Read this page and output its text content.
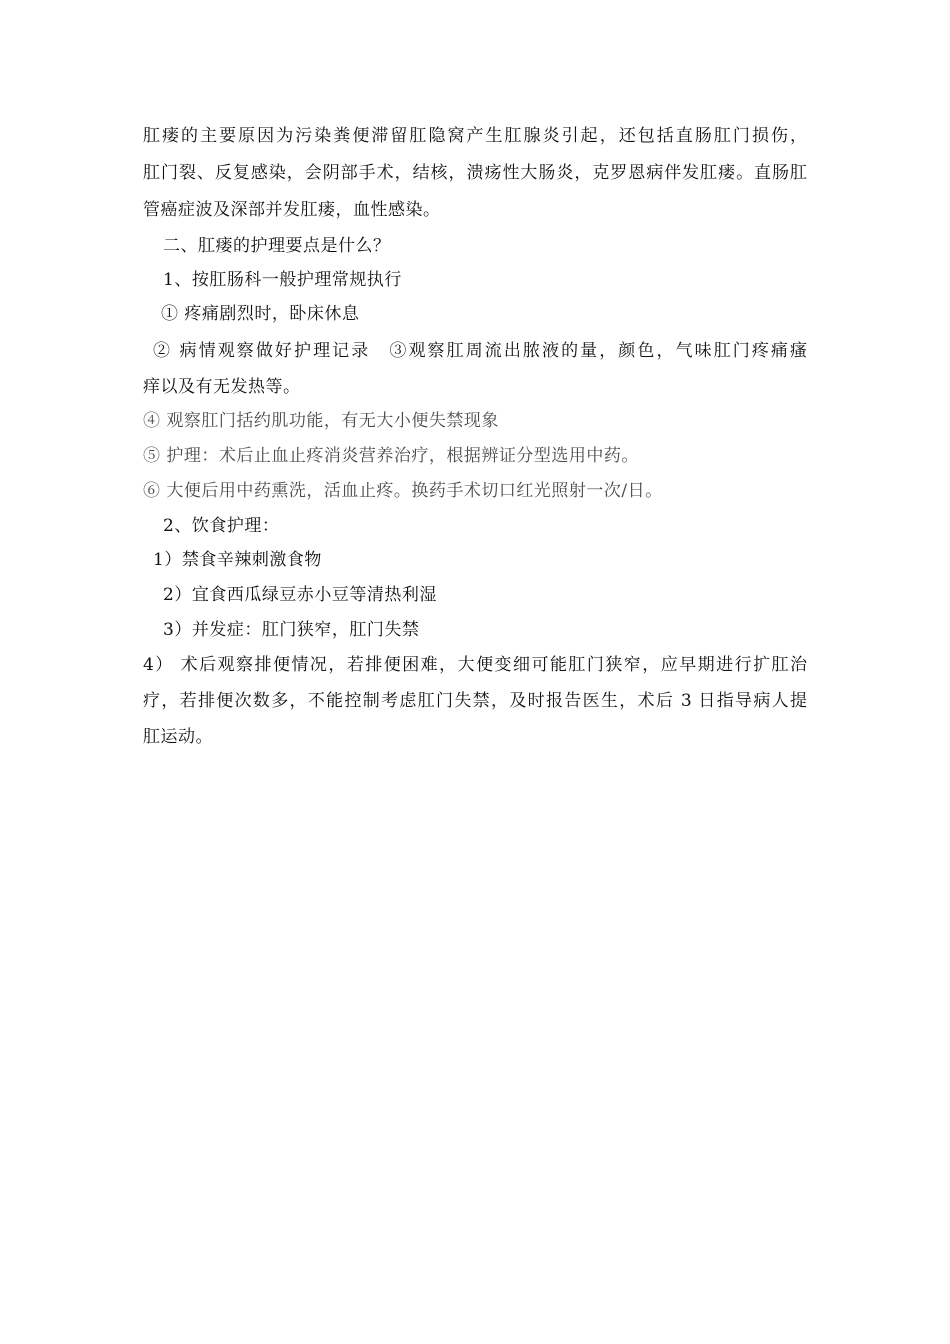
肛瘘的主要原因为污染粪便滞留肛隐窝产生肛腺炎引起，还包括直肠肛门损伤，
肛门裂、反复感染，会阴部手术，结核，溃疡性大肠炎，克罗恩病伴发肛瘘。直肠肛
管癌症波及深部并发肛瘘，血性感染。
二、肛瘘的护理要点是什么？
1、按肛肠科一般护理常规执行
① 疼痛剧烈时，卧床休息
② 病情观察做好护理记录　③观察肛周流出脓液的量，颜色，气味肛门疼痛瘙
痒以及有无发热等。
④ 观察肛门括约肌功能，有无大小便失禁现象
⑤ 护理：术后止血止疼消炎营养治疗，根据辨证分型选用中药。
⑥ 大便后用中药熏洗，活血止疼。换药手术切口红光照射一次/日。
2、饮食护理：
1）禁食辛辣刺激食物
2）宜食西瓜绿豆赤小豆等清热利湿
3）并发症：肛门狭窄，肛门失禁
4） 术后观察排便情况，若排便困难，大便变细可能肛门狭窄，应早期进行扩肛治
疗，若排便次数多，不能控制考虑肛门失禁，及时报告医生，术后 3 日指导病人提
肛运动。
